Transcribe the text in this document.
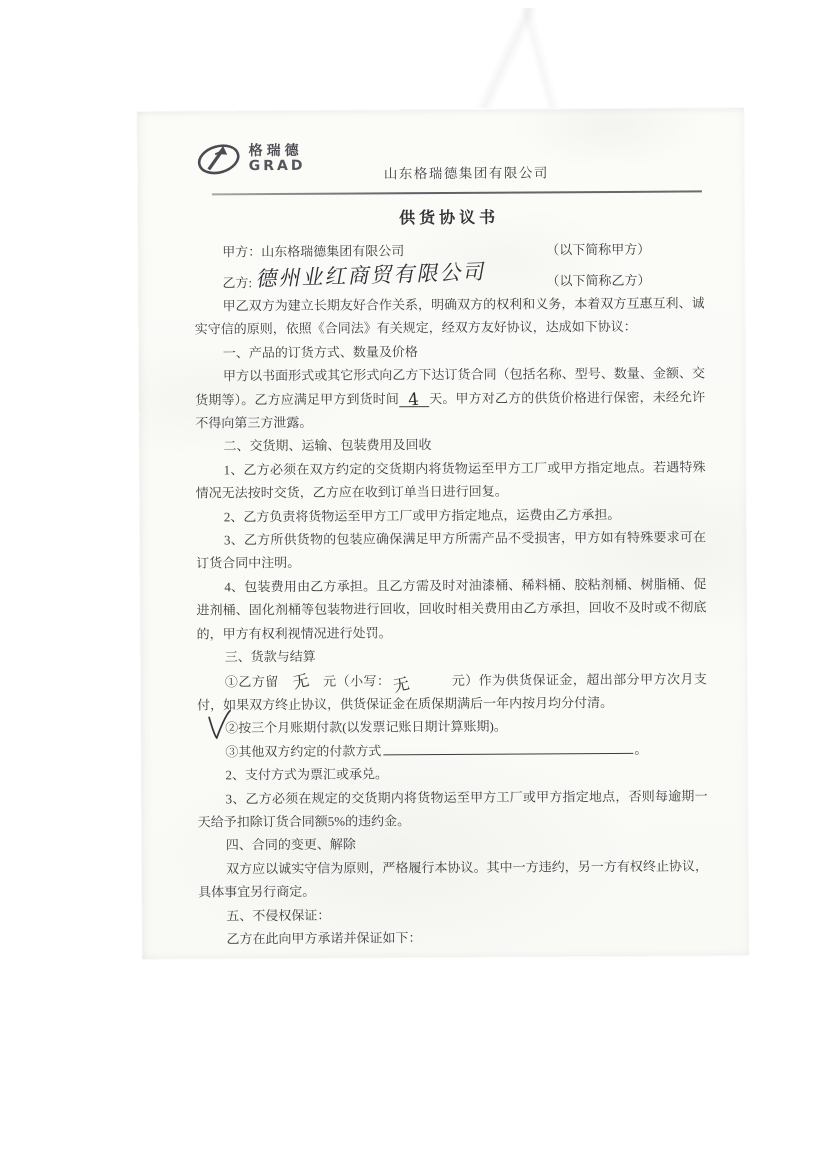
格瑞德
GRAD	山东格瑞德集团有限公司
供货协议书
甲方：山东格瑞德集团有限公司	（以下简称甲方）
乙方: 德州业红商贸有限公司	（以下简称乙方）

甲乙双方为建立长期友好合作关系，明确双方的权利和义务，本着双方互惠互利、诚实守信的原则，依照《合同法》有关规定，经双方友好协议，达成如下协议：

一、产品的订货方式、数量及价格

甲方以书面形式或其它形式向乙方下达订货合同（包括名称、型号、数量、金额、交货期等）。乙方应满足甲方到货时间 4 天。甲方对乙方的供货价格进行保密，未经允许不得向第三方泄露。

二、交货期、运输、包装费用及回收

1、乙方必须在双方约定的交货期内将货物运至甲方工厂或甲方指定地点。若遇特殊情况无法按时交货，乙方应在收到订单当日进行回复。

2、乙方负责将货物运至甲方工厂或甲方指定地点，运费由乙方承担。

3、乙方所供货物的包装应确保满足甲方所需产品不受损害，甲方如有特殊要求可在订货合同中注明。

4、包装费用由乙方承担。且乙方需及时对油漆桶、稀料桶、胶粘剂桶、树脂桶、促进剂桶、固化剂桶等包装物进行回收，回收时相关费用由乙方承担，回收不及时或不彻底的，甲方有权利视情况进行处罚。

三、货款与结算

①乙方留 无 元（小写：无	元）作为供货保证金，超出部分甲方次月支付，如果双方终止协议，供货保证金在质保期满后一年内按月均分付清。

②按三个月账期付款(以发票记账日期计算账期)。

③其他双方约定的付款方式	。

2、支付方式为票汇或承兑。

3、乙方必须在规定的交货期内将货物运至甲方工厂或甲方指定地点，否则每逾期一天给予扣除订货合同额5%的违约金。

四、合同的变更、解除

双方应以诚实守信为原则，严格履行本协议。其中一方违约，另一方有权终止协议，具体事宜另行商定。

五、不侵权保证：

乙方在此向甲方承诺并保证如下：
